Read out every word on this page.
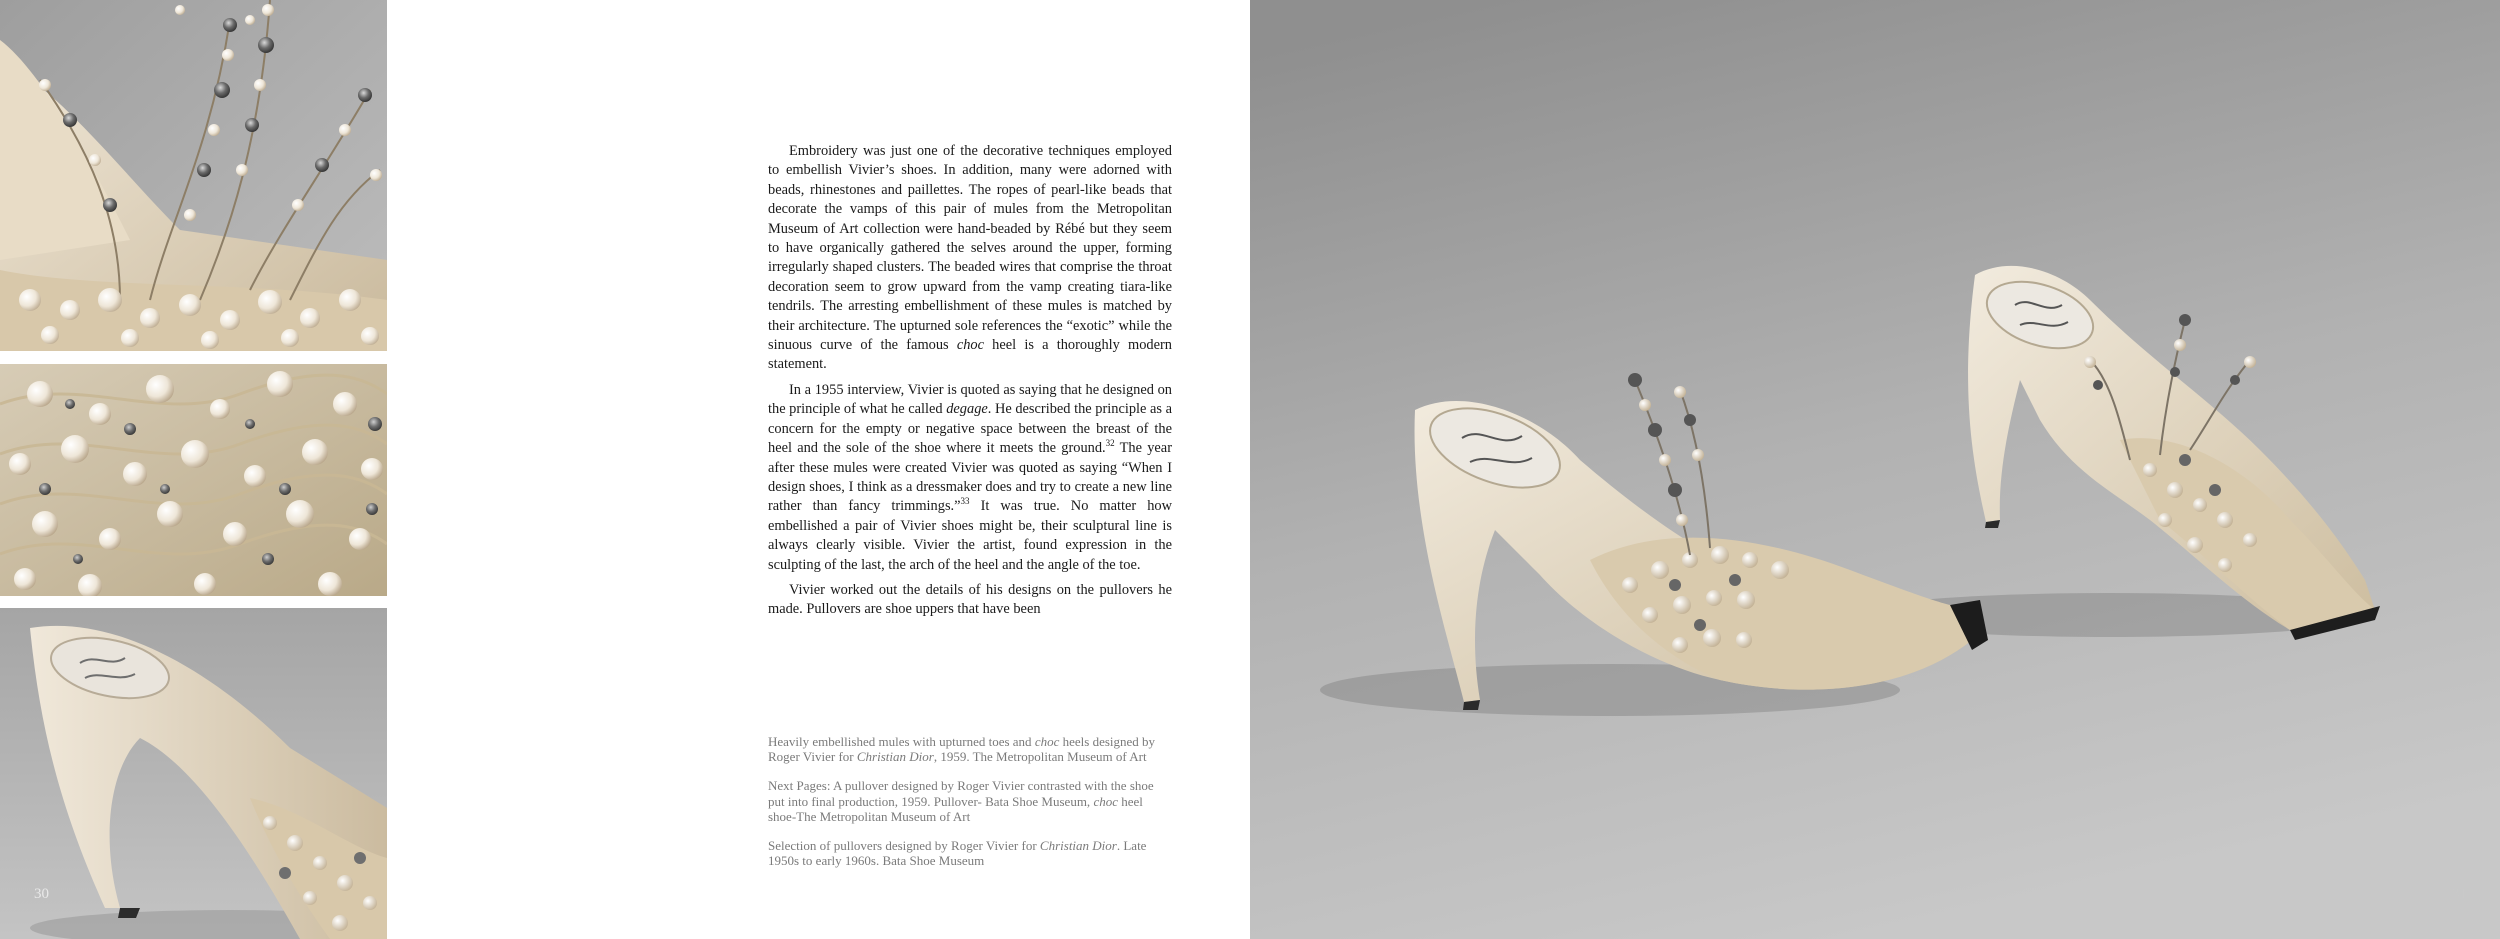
30

Embroidery was just one of the decorative techniques employed to embellish Vivier’s shoes. In addition, many were adorned with beads, rhinestones and paillettes. The ropes of pearl-like beads that decorate the vamps of this pair of mules from the Metropolitan Museum of Art collection were hand-beaded by Rébé but they seem to have organically gathered the selves around the upper, forming irregularly shaped clusters. The beaded wires that comprise the throat decoration seem to grow upward from the vamp creating tiara-like tendrils. The arresting embellishment of these mules is matched by their architecture. The upturned sole references the “exotic” while the sinuous curve of the famous choc heel is a thoroughly modern statement.

In a 1955 interview, Vivier is quoted as saying that he designed on the principle of what he called degage. He described the principle as a concern for the empty or negative space between the breast of the heel and the sole of the shoe where it meets the ground.$^{32}$ The year after these mules were created Vivier was quoted as saying “When I design shoes, I think as a dressmaker does and try to create a new line rather than fancy trimmings.”$^{33}$ It was true. No matter how embellished a pair of Vivier shoes might be, their sculptural line is always clearly visible. Vivier the artist, found expression in the sculpting of the last, the arch of the heel and the angle of the toe.

Vivier worked out the details of his designs on the pullovers he made. Pullovers are shoe uppers that have been

Heavily embellished mules with upturned toes and choc heels designed by Roger Vivier for Christian Dior, 1959. The Metropolitan Museum of Art

Next Pages: A pullover designed by Roger Vivier contrasted with the shoe put into final production, 1959. Pullover- Bata Shoe Museum, choc heel shoe-The Metropolitan Museum of Art

Selection of pullovers designed by Roger Vivier for Christian Dior. Late 1950s to early 1960s. Bata Shoe Museum

31
